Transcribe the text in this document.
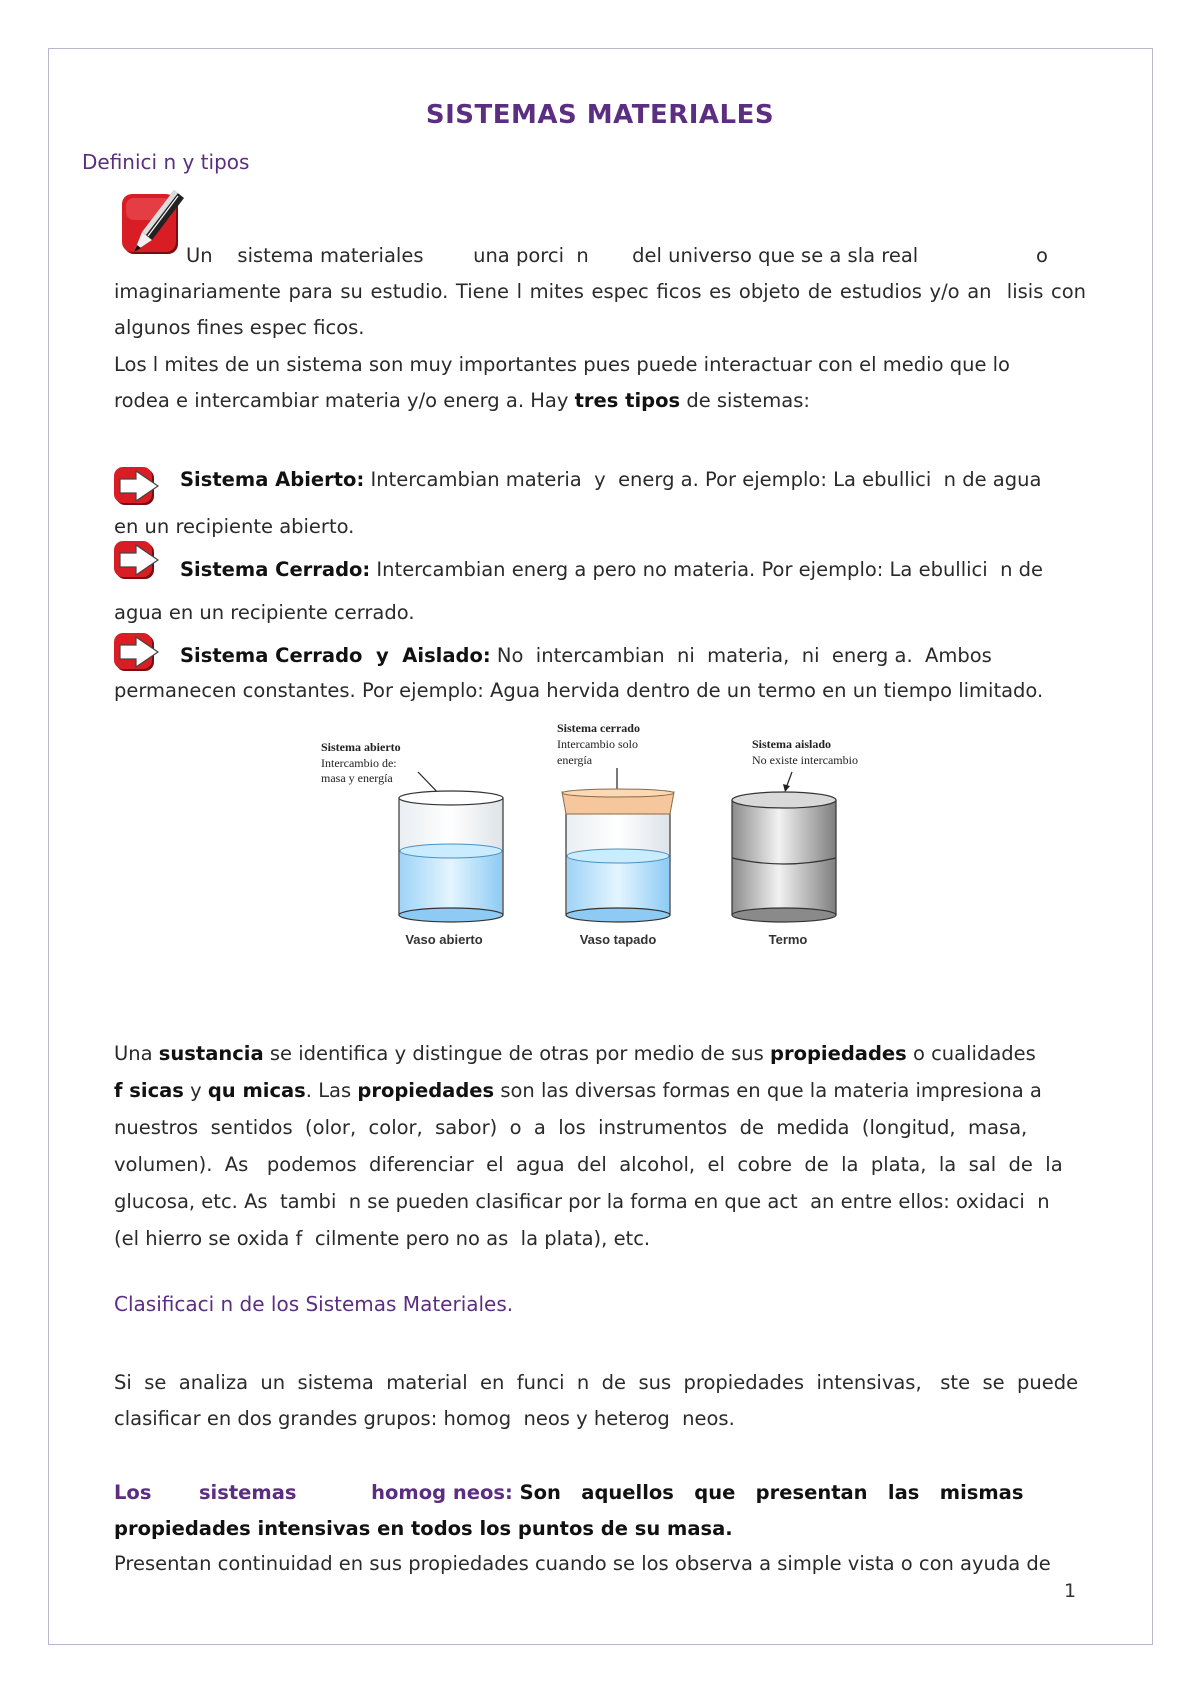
SISTEMAS MATERIALES
Definici n y tipos
Un    sistema materiales        una porci  n       del universo que se a sla real                   o
imaginariamente para su estudio. Tiene l mites espec ficos es objeto de estudios y/o an  lisis con
algunos fines espec ficos.
Los l mites de un sistema son muy importantes pues puede interactuar con el medio que lo
rodea e intercambiar materia y/o energ a. Hay tres tipos de sistemas:
Sistema Abierto: Intercambian materia  y  energ a. Por ejemplo: La ebullici  n de agua
en un recipiente abierto.
Sistema Cerrado: Intercambian energ a pero no materia. Por ejemplo: La ebullici  n de
agua en un recipiente cerrado.
Sistema Cerrado  y  Aislado: No  intercambian  ni  materia,  ni  energ a.  Ambos
permanecen constantes. Por ejemplo: Agua hervida dentro de un termo en un tiempo limitado.
Sistema abierto
Intercambio de:
masa y energía
Sistema cerrado
Intercambio solo
energía
Sistema aislado
No existe intercambio
Vaso abierto	Vaso tapado	Termo
Una sustancia se identifica y distingue de otras por medio de sus propiedades o cualidades
f sicas y qu micas. Las propiedades son las diversas formas en que la materia impresiona a
nuestros  sentidos  (olor,  color,  sabor)  o  a  los  instrumentos  de  medida  (longitud,  masa,
volumen).  As   podemos  diferenciar  el  agua  del  alcohol,  el  cobre  de  la  plata,  la  sal  de  la
glucosa, etc. As  tambi  n se pueden clasificar por la forma en que act  an entre ellos: oxidaci  n
(el hierro se oxida f  cilmente pero no as  la plata), etc.
Clasificaci n de los Sistemas Materiales.
Si  se  analiza  un  sistema  material  en  funci  n  de  sus  propiedades  intensivas,   ste  se  puede
clasificar en dos grandes grupos: homog  neos y heterog  neos.
Los       sistemas           homog neos: Son   aquellos   que   presentan   las   mismas
propiedades intensivas en todos los puntos de su masa.
Presentan continuidad en sus propiedades cuando se los observa a simple vista o con ayuda de
1
